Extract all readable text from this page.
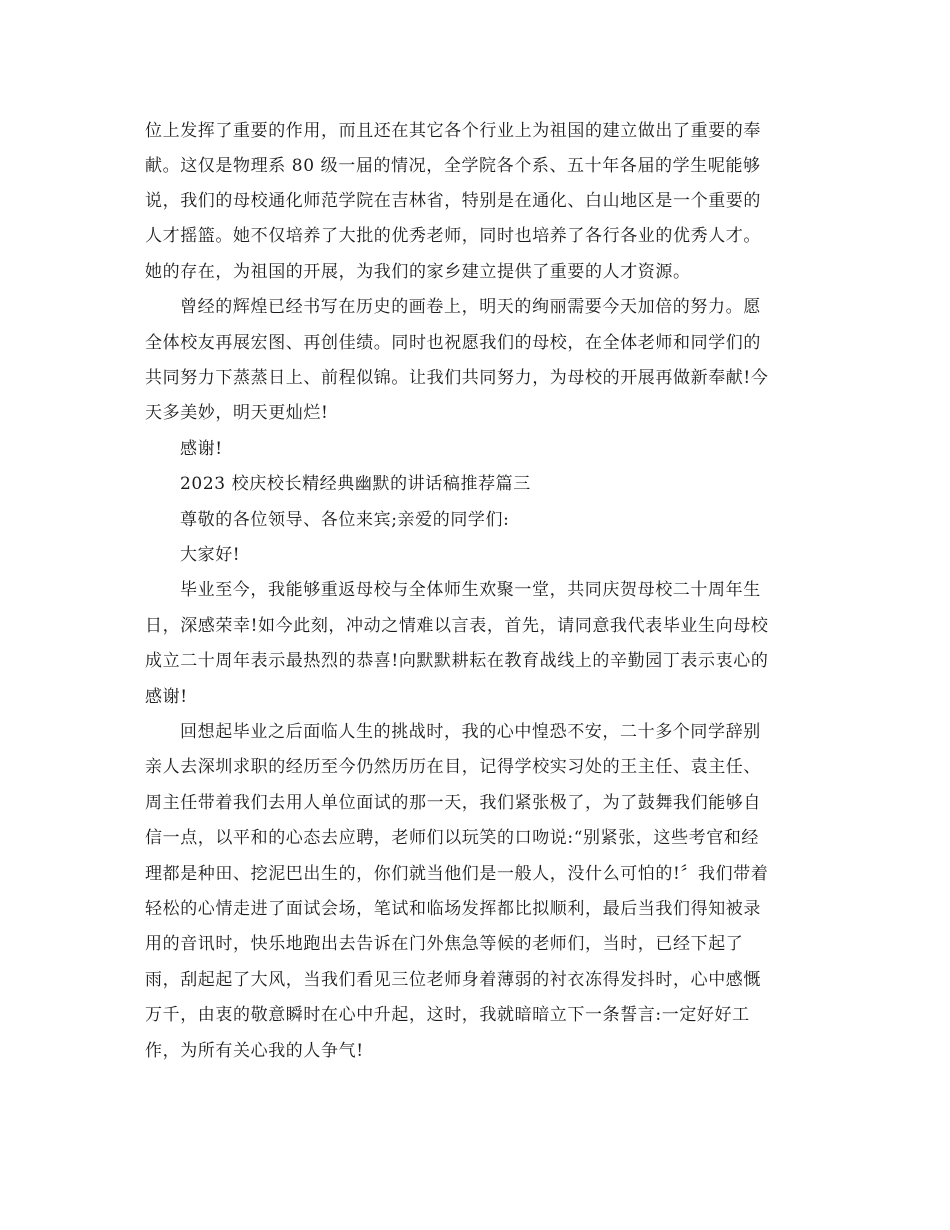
位上发挥了重要的作用，而且还在其它各个行业上为祖国的建立做出了重要的奉
献。这仅是物理系 80 级一届的情况，全学院各个系、五十年各届的学生呢能够
说，我们的母校通化师范学院在吉林省，特别是在通化、白山地区是一个重要的
人才摇篮。她不仅培养了大批的优秀老师，同时也培养了各行各业的优秀人才。
她的存在，为祖国的开展，为我们的家乡建立提供了重要的人才资源。
曾经的辉煌已经书写在历史的画卷上，明天的绚丽需要今天加倍的努力。愿
全体校友再展宏图、再创佳绩。同时也祝愿我们的母校，在全体老师和同学们的
共同努力下蒸蒸日上、前程似锦。让我们共同努力，为母校的开展再做新奉献!今
天多美妙，明天更灿烂!
感谢!
2023 校庆校长精经典幽默的讲话稿推荐篇三
尊敬的各位领导、各位来宾;亲爱的同学们:
大家好!
毕业至今，我能够重返母校与全体师生欢聚一堂，共同庆贺母校二十周年生
日，深感荣幸!如今此刻，冲动之情难以言表，首先，请同意我代表毕业生向母校
成立二十周年表示最热烈的恭喜!向默默耕耘在教育战线上的辛勤园丁表示衷心的
感谢!
回想起毕业之后面临人生的挑战时，我的心中惶恐不安，二十多个同学辞别
亲人去深圳求职的经历至今仍然历历在目，记得学校实习处的王主任、袁主任、
周主任带着我们去用人单位面试的那一天，我们紧张极了，为了鼓舞我们能够自
信一点，以平和的心态去应聘，老师们以玩笑的口吻说:“别紧张，这些考官和经
理都是种田、挖泥巴出生的，你们就当他们是一般人，没什么可怕的!〞我们带着
轻松的心情走进了面试会场，笔试和临场发挥都比拟顺利，最后当我们得知被录
用的音讯时，快乐地跑出去告诉在门外焦急等候的老师们，当时，已经下起了
雨，刮起起了大风，当我们看见三位老师身着薄弱的衬衣冻得发抖时，心中感慨
万千，由衷的敬意瞬时在心中升起，这时，我就暗暗立下一条誓言:一定好好工
作，为所有关心我的人争气!
